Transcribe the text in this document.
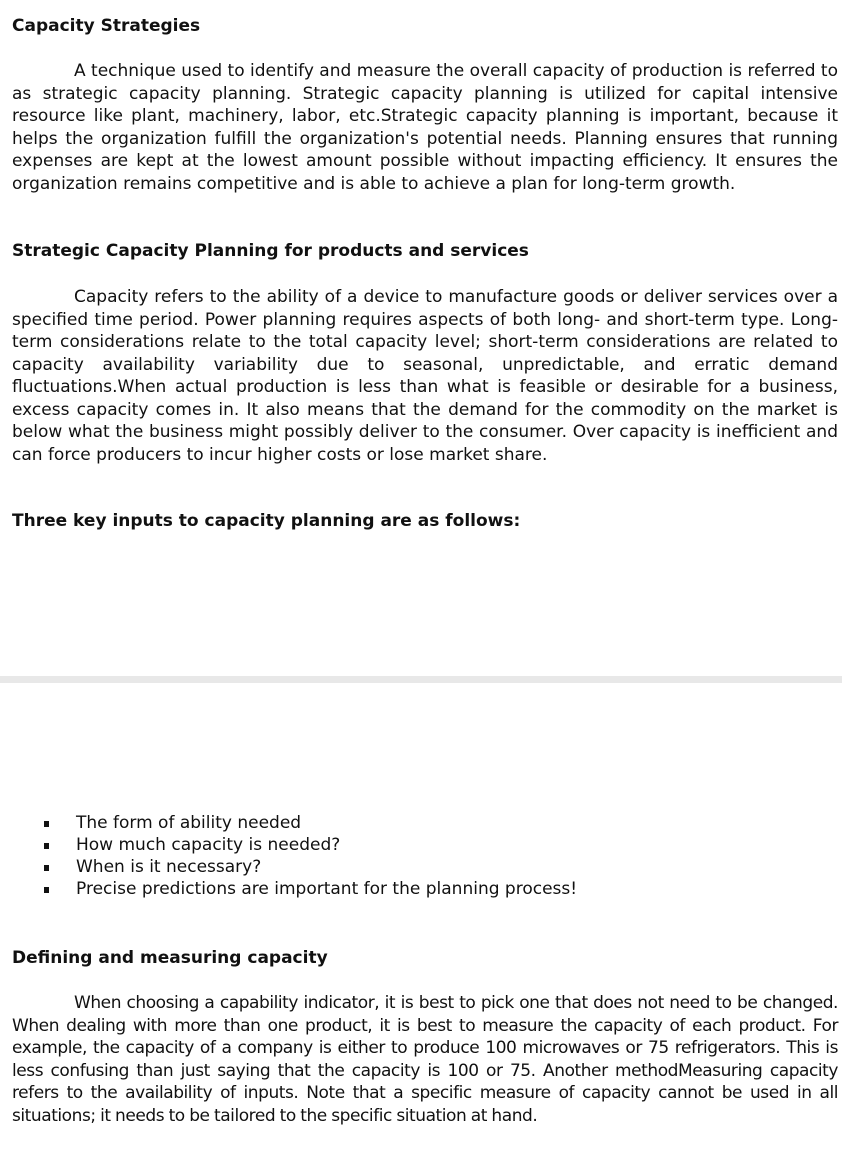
Capacity Strategies

A technique used to identify and measure the overall capacity of production is referred to as strategic capacity planning. Strategic capacity planning is utilized for capital intensive resource like plant, machinery, labor, etc.Strategic capacity planning is important, because it helps the organization fulfill the organization's potential needs. Planning ensures that running expenses are kept at the lowest amount possible without impacting efficiency. It ensures the organization remains competitive and is able to achieve a plan for long-term growth.

Strategic Capacity Planning for products and services

Capacity refers to the ability of a device to manufacture goods or deliver services over a specified time period. Power planning requires aspects of both long- and short-term type. Long-term considerations relate to the total capacity level; short-term considerations are related to capacity availability variability due to seasonal, unpredictable, and erratic demand fluctuations.When actual production is less than what is feasible or desirable for a business, excess capacity comes in. It also means that the demand for the commodity on the market is below what the business might possibly deliver to the consumer. Over capacity is inefficient and can force producers to incur higher costs or lose market share.

Three key inputs to capacity planning are as follows:
The form of ability needed
How much capacity is needed?
When is it necessary?
Precise predictions are important for the planning process!
Defining and measuring capacity

When choosing a capability indicator, it is best to pick one that does not need to be changed. When dealing with more than one product, it is best to measure the capacity of each product. For example, the capacity of a company is either to produce 100 microwaves or 75 refrigerators. This is less confusing than just saying that the capacity is 100 or 75. Another methodMeasuring capacity refers to the availability of inputs. Note that a specific measure of capacity cannot be used in all situations; it needs to be tailored to the specific situation at hand.
